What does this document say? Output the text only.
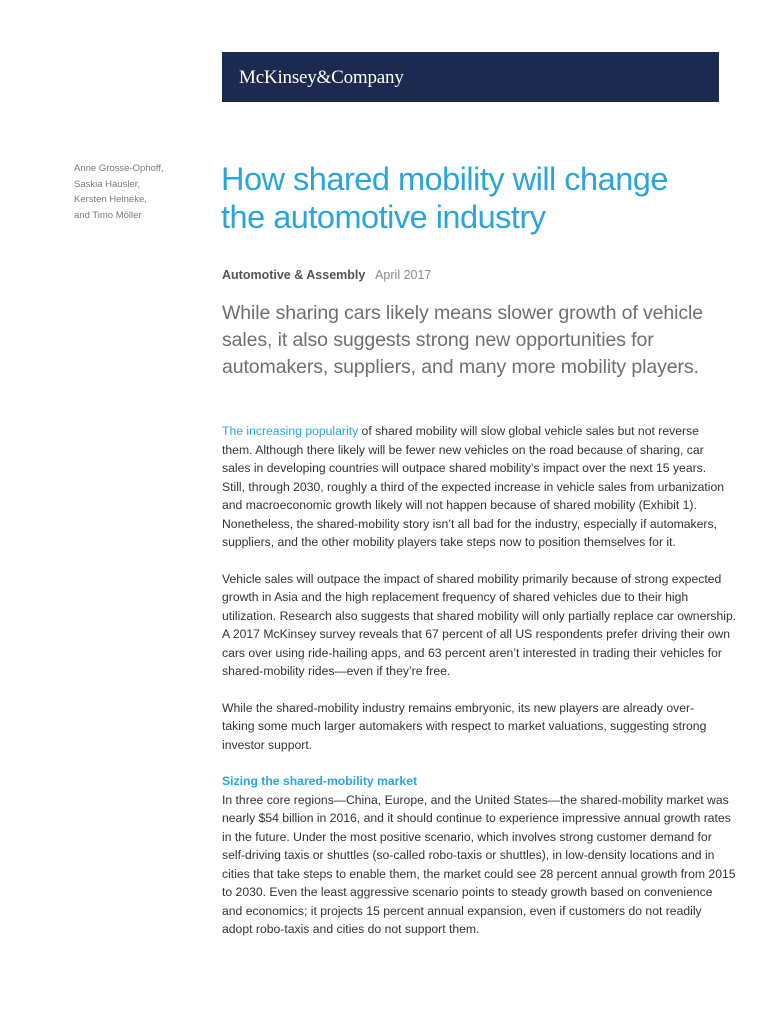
McKinsey&Company
Anne Grosse-Ophoff,
Saskia Hausler,
Kersten Heineke,
and Timo Möller
How shared mobility will change
the automotive industry
Automotive & Assembly April 2017
While sharing cars likely means slower growth of vehicle
sales, it also suggests strong new opportunities for
automakers, suppliers, and many more mobility players.
The increasing popularity of shared mobility will slow global vehicle sales but not reverse
them. Although there likely will be fewer new vehicles on the road because of sharing, car
sales in developing countries will outpace shared mobility’s impact over the next 15 years.
Still, through 2030, roughly a third of the expected increase in vehicle sales from urbanization
and macroeconomic growth likely will not happen because of shared mobility (Exhibit 1).
Nonetheless, the shared-mobility story isn’t all bad for the industry, especially if automakers,
suppliers, and the other mobility players take steps now to position themselves for it.
Vehicle sales will outpace the impact of shared mobility primarily because of strong expected
growth in Asia and the high replacement frequency of shared vehicles due to their high
utilization. Research also suggests that shared mobility will only partially replace car ownership.
A 2017 McKinsey survey reveals that 67 percent of all US respondents prefer driving their own
cars over using ride-hailing apps, and 63 percent aren’t interested in trading their vehicles for
shared-mobility rides—even if they’re free.
While the shared-mobility industry remains embryonic, its new players are already over-
taking some much larger automakers with respect to market valuations, suggesting strong
investor support.
Sizing the shared-mobility market
In three core regions—China, Europe, and the United States—the shared-mobility market was
nearly $54 billion in 2016, and it should continue to experience impressive annual growth rates
in the future. Under the most positive scenario, which involves strong customer demand for
self-driving taxis or shuttles (so-called robo-taxis or shuttles), in low-density locations and in
cities that take steps to enable them, the market could see 28 percent annual growth from 2015
to 2030. Even the least aggressive scenario points to steady growth based on convenience
and economics; it projects 15 percent annual expansion, even if customers do not readily
adopt robo-taxis and cities do not support them.
